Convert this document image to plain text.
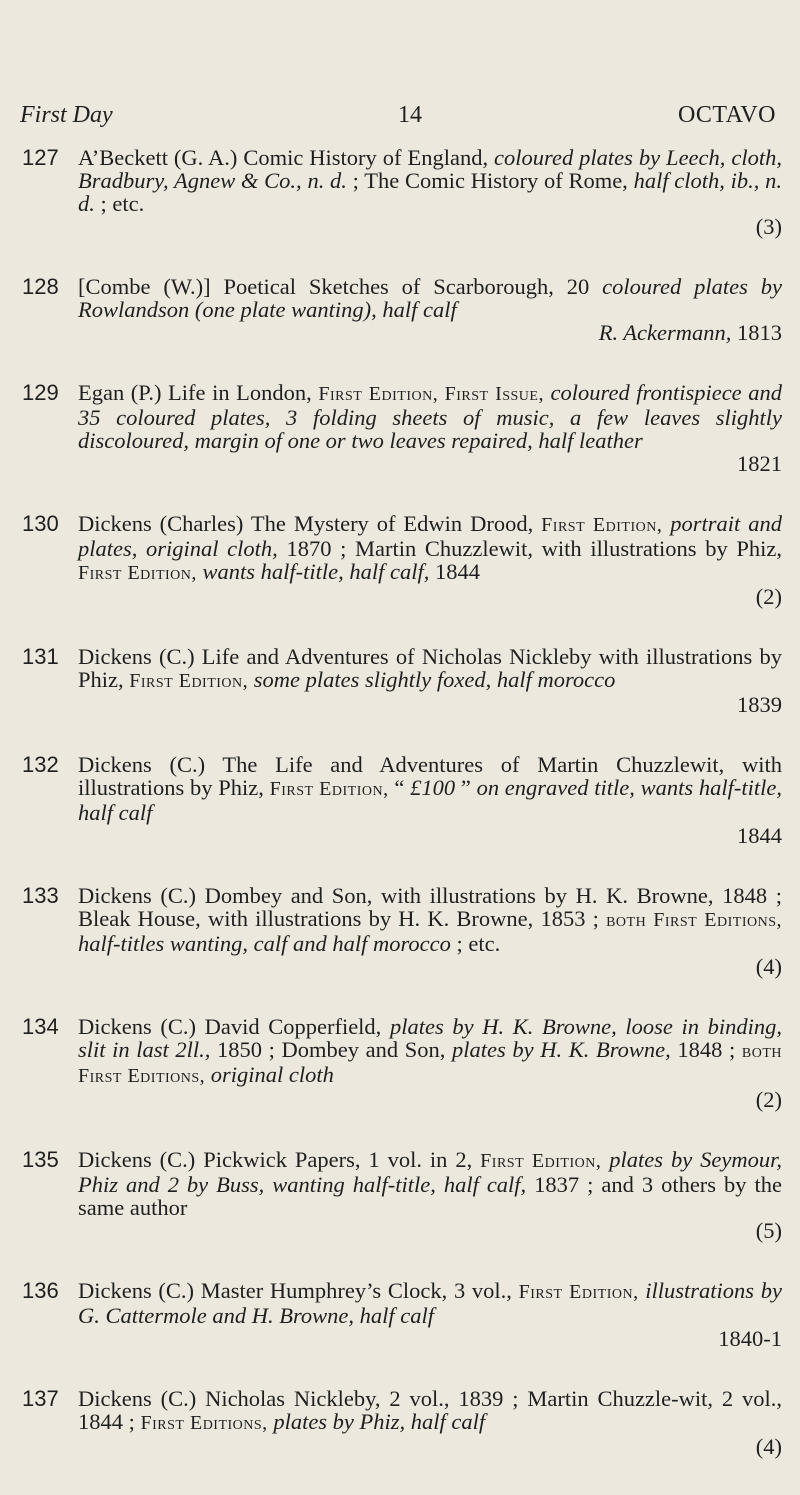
First Day	14	OCTAVO
127 A’Beckett (G. A.) Comic History of England, coloured plates by Leech, cloth, Bradbury, Agnew & Co., n. d. ; The Comic History of Rome, half cloth, ib., n. d. ; etc.
(3)
128 [Combe (W.)] Poetical Sketches of Scarborough, 20 coloured plates by Rowlandson (one plate wanting), half calf
R. Ackermann, 1813
129 Egan (P.) Life in London, First Edition, First Issue, coloured frontispiece and 35 coloured plates, 3 folding sheets of music, a few leaves slightly discoloured, margin of one or two leaves repaired, half leather
1821
130 Dickens (Charles) The Mystery of Edwin Drood, First Edition, portrait and plates, original cloth, 1870 ; Martin Chuzzlewit, with illustrations by Phiz, First Edition, wants half-title, half calf, 1844
(2)
131 Dickens (C.) Life and Adventures of Nicholas Nickleby with illustrations by Phiz, First Edition, some plates slightly foxed, half morocco
1839
132 Dickens (C.) The Life and Adventures of Martin Chuzzlewit, with illustrations by Phiz, First Edition, “ £100 ” on engraved title, wants half-title, half calf
1844
133 Dickens (C.) Dombey and Son, with illustrations by H. K. Browne, 1848 ; Bleak House, with illustrations by H. K. Browne, 1853 ; both First Editions, half-titles wanting, calf and half morocco ; etc.
(4)
134 Dickens (C.) David Copperfield, plates by H. K. Browne, loose in binding, slit in last 2ll., 1850 ; Dombey and Son, plates by H. K. Browne, 1848 ; both First Editions, original cloth
(2)
135 Dickens (C.) Pickwick Papers, 1 vol. in 2, First Edition, plates by Seymour, Phiz and 2 by Buss, wanting half-title, half calf, 1837 ; and 3 others by the same author
(5)
136 Dickens (C.) Master Humphrey’s Clock, 3 vol., First Edition, illustrations by G. Cattermole and H. Browne, half calf
1840-1
137 Dickens (C.) Nicholas Nickleby, 2 vol., 1839 ; Martin Chuzzle-wit, 2 vol., 1844 ; First Editions, plates by Phiz, half calf
(4)
